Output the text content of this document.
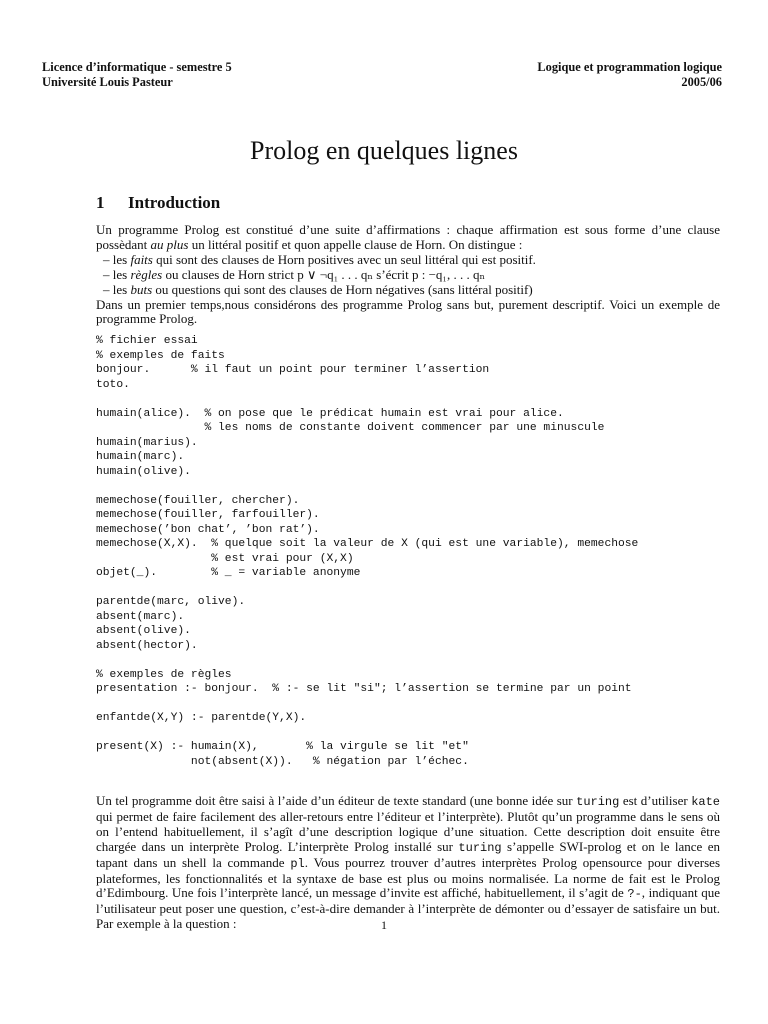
Licence d’informatique - semestre 5
Université Louis Pasteur
Logique et programmation logique
2005/06
Prolog en quelques lignes
1 Introduction

Un programme Prolog est constitué d’une suite d’affirmations : chaque affirmation est sous forme d’une clause possèdant au plus un littéral positif et quon appelle clause de Horn. On distingue :

– les faits qui sont des clauses de Horn positives avec un seul littéral qui est positif.

– les règles ou clauses de Horn strict p ∨ ¬q₁ . . . qₙ s’écrit p : −q₁, . . . qₙ

– les buts ou questions qui sont des clauses de Horn négatives (sans littéral positif)

Dans un premier temps,nous considérons des programme Prolog sans but, purement descriptif. Voici un exemple de programme Prolog.

% fichier essai
% exemples de faits
bonjour.      % il faut un point pour terminer l’assertion
toto.

humain(alice).  % on pose que le prédicat humain est vrai pour alice.
% les noms de constante doivent commencer par une minuscule
humain(marius).
humain(marc).
humain(olive).

memechose(fouiller, chercher).
memechose(fouiller, farfouiller).
memechose(’bon chat’, ’bon rat’).
memechose(X,X).  % quelque soit la valeur de X (qui est une variable), memechose
% est vrai pour (X,X)
objet(_).        % _ = variable anonyme

parentde(marc, olive).
absent(marc).
absent(olive).
absent(hector).

% exemples de règles
presentation :- bonjour.  % :- se lit "si"; l’assertion se termine par un point

enfantde(X,Y) :- parentde(Y,X).

present(X) :- humain(X),       % la virgule se lit "et"
not(absent(X)).   % négation par l’échec.

Un tel programme doit être saisi à l’aide d’un éditeur de texte standard (une bonne idée sur turing est d’utiliser kate qui permet de faire facilement des aller-retours entre l’éditeur et l’interprète). Plutôt qu’un programme dans le sens où on l’entend habituellement, il s’agît d’une description logique d’une situation. Cette description doit ensuite être chargée dans un interprète Prolog. L’interprète Prolog installé sur turing s’appelle SWI-prolog et on le lance en tapant dans un shell la commande pl. Vous pourrez trouver d’autres interprètes Prolog opensource pour diverses plateformes, les fonctionnalités et la syntaxe de base est plus ou moins normalisée. La norme de fait est le Prolog d’Edimbourg. Une fois l’interprète lancé, un message d’invite est affiché, habituellement, il s’agit de ?-, indiquant que l’utilisateur peut poser une question, c’est-à-dire demander à l’interprète de démonter ou d’essayer de satisfaire un but. Par exemple à la question :	1
